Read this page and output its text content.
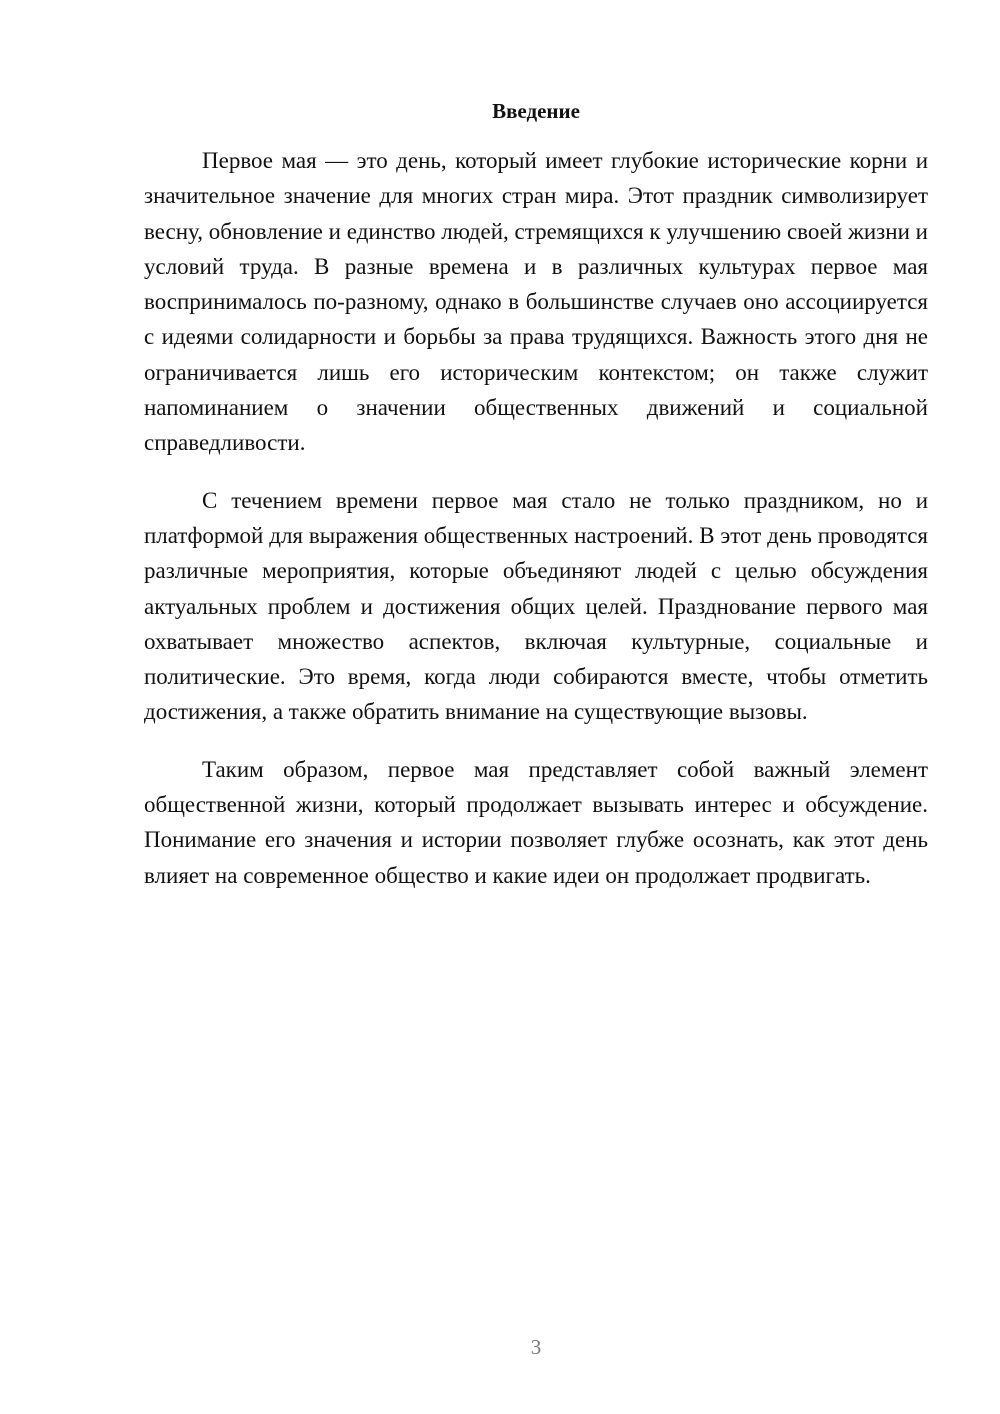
Введение

Первое мая — это день, который имеет глубокие исторические корни и значительное значение для многих стран мира. Этот праздник символизирует весну, обновление и единство людей, стремящихся к улучшению своей жизни и условий труда. В разные времена и в различных культурах первое мая воспринималось по-разному, однако в большинстве случаев оно ассоциируется с идеями солидарности и борьбы за права трудящихся. Важность этого дня не ограничивается лишь его историческим контекстом; он также служит напоминанием о значении общественных движений и социальной справедливости.

С течением времени первое мая стало не только праздником, но и платформой для выражения общественных настроений. В этот день проводятся различные мероприятия, которые объединяют людей с целью обсуждения актуальных проблем и достижения общих целей. Празднование первого мая охватывает множество аспектов, включая культурные, социальные и политические. Это время, когда люди собираются вместе, чтобы отметить достижения, а также обратить внимание на существующие вызовы.

Таким образом, первое мая представляет собой важный элемент общественной жизни, который продолжает вызывать интерес и обсуждение. Понимание его значения и истории позволяет глубже осознать, как этот день влияет на современное общество и какие идеи он продолжает продвигать.

3
